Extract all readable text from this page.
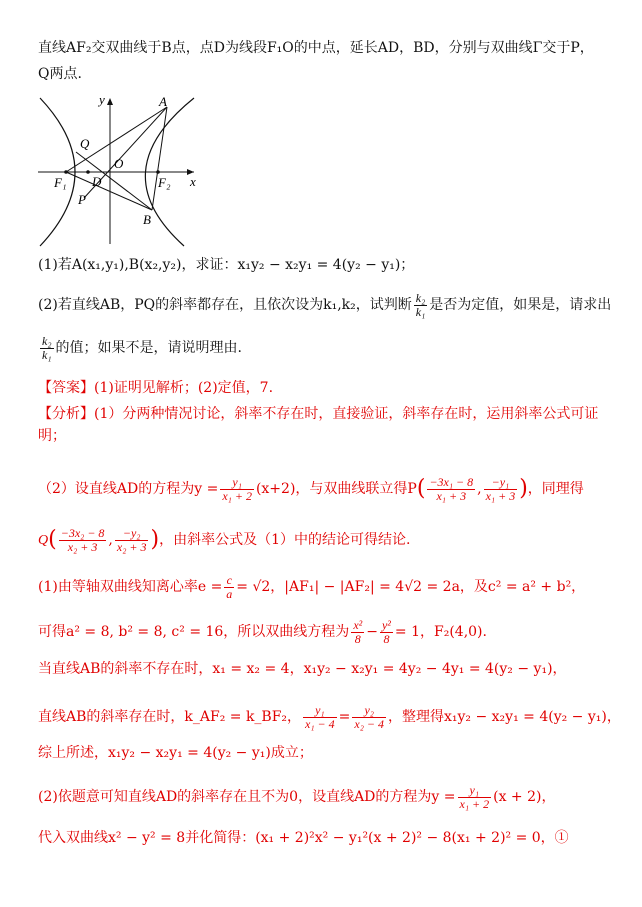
直线AF₂交双曲线于B点，点D为线段F₁O的中点，延长AD，BD，分别与双曲线Γ交于P，
Q两点.
A
B
Q
P
O
D
F₁	F₂ x
y
(1)若A(x₁,y₁),B(x₂,y₂)，求证：x₁y₂ − x₂y₁ = 4(y₂ − y₁)；
(2)若直线AB，PQ的斜率都存在，且依次设为k₁,k₂，试判断 $\frac{\text{k₂}}{\text{k₁}}$ 是否为定值，如果是，请求出
$\frac{\text{k₂}}{\text{k₁}}$ 的值；如果不是，请说明理由.
【答案】(1)证明见解析；(2)定值，7.
【分析】(1）分两种情况讨论，斜率不存在时，直接验证，斜率存在时，运用斜率公式可证
明；
（2）设直线AD的方程为$y = \frac{\text{y₁}}{\text{x₁ + 2}} (x+2)$，与双曲线联立得$P( \frac{\text{−3x₁ − 8}}{\text{x₁ + 3}}$ , $\frac{\text{−y₁}}{\text{x₁ + 3}}$ )，同理得
$Q( \frac{\text{−3x₂ − 8}}{\text{x₂ + 3}}$ , $\frac{\text{−y₂}}{\text{x₂ + 3}}$ )，由斜率公式及（1）中的结论可得结论.
(1)由等轴双曲线知离心率$e = \frac{c}{a} = √2$，|AF₁| − |AF₂| = 4√2 = 2a，及c² = a² + b²，
可得a² = 8, b² = 8, c² = 16，所以双曲线方程为 $\frac{\text{x²}}{8} - \frac{\text{y²}}{8} = 1$，F₂(4,0).
当直线AB的斜率不存在时，x₁ = x₂ = 4，x₁y₂ − x₂y₁ = 4y₂ − 4y₁ = 4(y₂ − y₁)，
直线AB的斜率存在时，k_AF₂ = k_BF₂， $\frac{\text{y₁}}{\text{x₁ − 4}} = \frac{\text{y₂}}{\text{x₂ − 4}}$ ，整理得x₁y₂ − x₂y₁ = 4(y₂ − y₁)，
综上所述，x₁y₂ − x₂y₁ = 4(y₂ − y₁)成立；
(2)依题意可知直线AD的斜率存在且不为0，设直线AD的方程为$y = \frac{\text{y₁}}{\text{x₁ + 2}} (x + 2)$，
代入双曲线x² − y² = 8并化简得：(x₁ + 2)²x² − y₁²(x + 2)² − 8(x₁ + 2)² = 0，①
